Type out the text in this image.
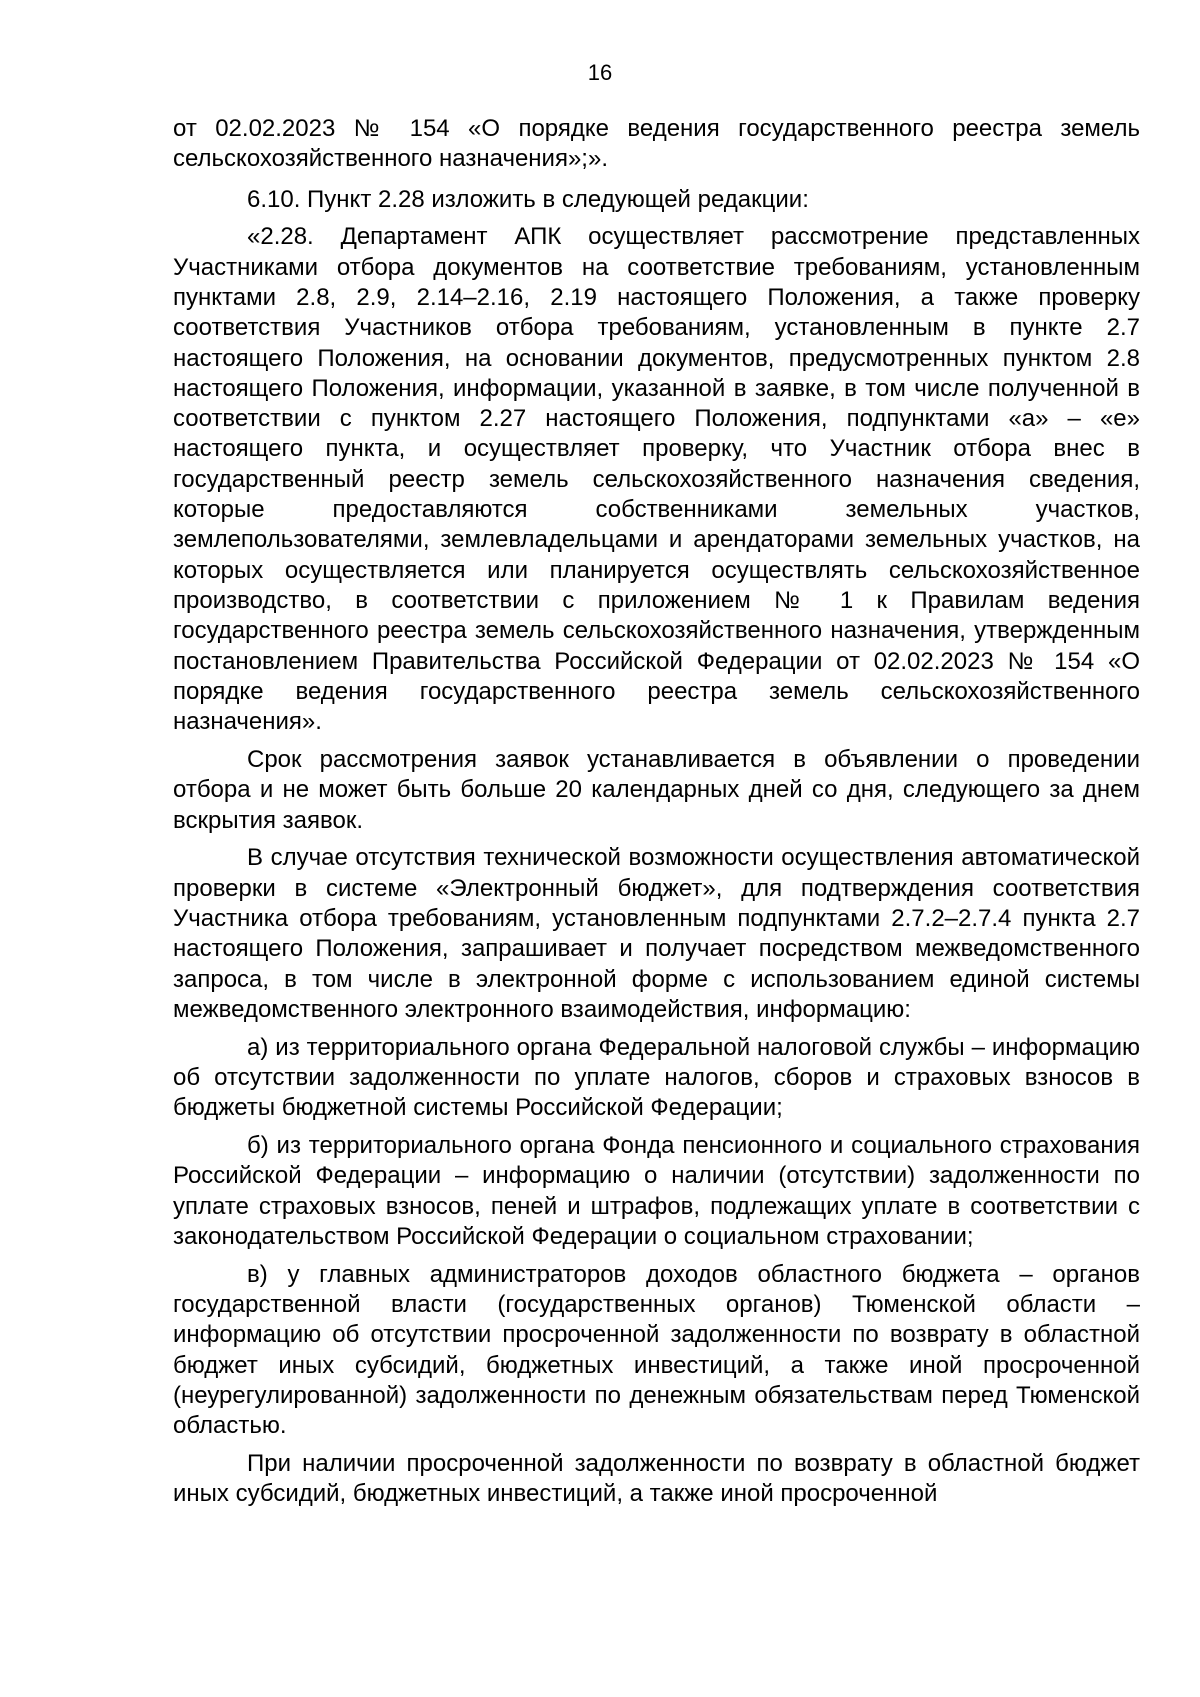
16

от 02.02.2023 № 154 «О порядке ведения государственного реестра земель сельскохозяйственного назначения»;».

6.10. Пункт 2.28 изложить в следующей редакции:

«2.28. Департамент АПК осуществляет рассмотрение представленных Участниками отбора документов на соответствие требованиям, установленным пунктами 2.8, 2.9, 2.14–2.16, 2.19 настоящего Положения, а также проверку соответствия Участников отбора требованиям, установленным в пункте 2.7 настоящего Положения, на основании документов, предусмотренных пунктом 2.8 настоящего Положения, информации, указанной в заявке, в том числе полученной в соответствии с пунктом 2.27 настоящего Положения, подпунктами «а» – «е» настоящего пункта, и осуществляет проверку, что Участник отбора внес в государственный реестр земель сельскохозяйственного назначения сведения, которые предоставляются собственниками земельных участков, землепользователями, землевладельцами и арендаторами земельных участков, на которых осуществляется или планируется осуществлять сельскохозяйственное производство, в соответствии с приложением № 1 к Правилам ведения государственного реестра земель сельскохозяйственного назначения, утвержденным постановлением Правительства Российской Федерации от 02.02.2023 № 154 «О порядке ведения государственного реестра земель сельскохозяйственного назначения».

Срок рассмотрения заявок устанавливается в объявлении о проведении отбора и не может быть больше 20 календарных дней со дня, следующего за днем вскрытия заявок.

В случае отсутствия технической возможности осуществления автоматической проверки в системе «Электронный бюджет», для подтверждения соответствия Участника отбора требованиям, установленным подпунктами 2.7.2–2.7.4 пункта 2.7 настоящего Положения, запрашивает и получает посредством межведомственного запроса, в том числе в электронной форме с использованием единой системы межведомственного электронного взаимодействия, информацию:

а) из территориального органа Федеральной налоговой службы – информацию об отсутствии задолженности по уплате налогов, сборов и страховых взносов в бюджеты бюджетной системы Российской Федерации;

б) из территориального органа Фонда пенсионного и социального страхования Российской Федерации – информацию о наличии (отсутствии) задолженности по уплате страховых взносов, пеней и штрафов, подлежащих уплате в соответствии с законодательством Российской Федерации о социальном страховании;

в) у главных администраторов доходов областного бюджета – органов государственной власти (государственных органов) Тюменской области – информацию об отсутствии просроченной задолженности по возврату в областной бюджет иных субсидий, бюджетных инвестиций, а также иной просроченной (неурегулированной) задолженности по денежным обязательствам перед Тюменской областью.

При наличии просроченной задолженности по возврату в областной бюджет иных субсидий, бюджетных инвестиций, а также иной просроченной
